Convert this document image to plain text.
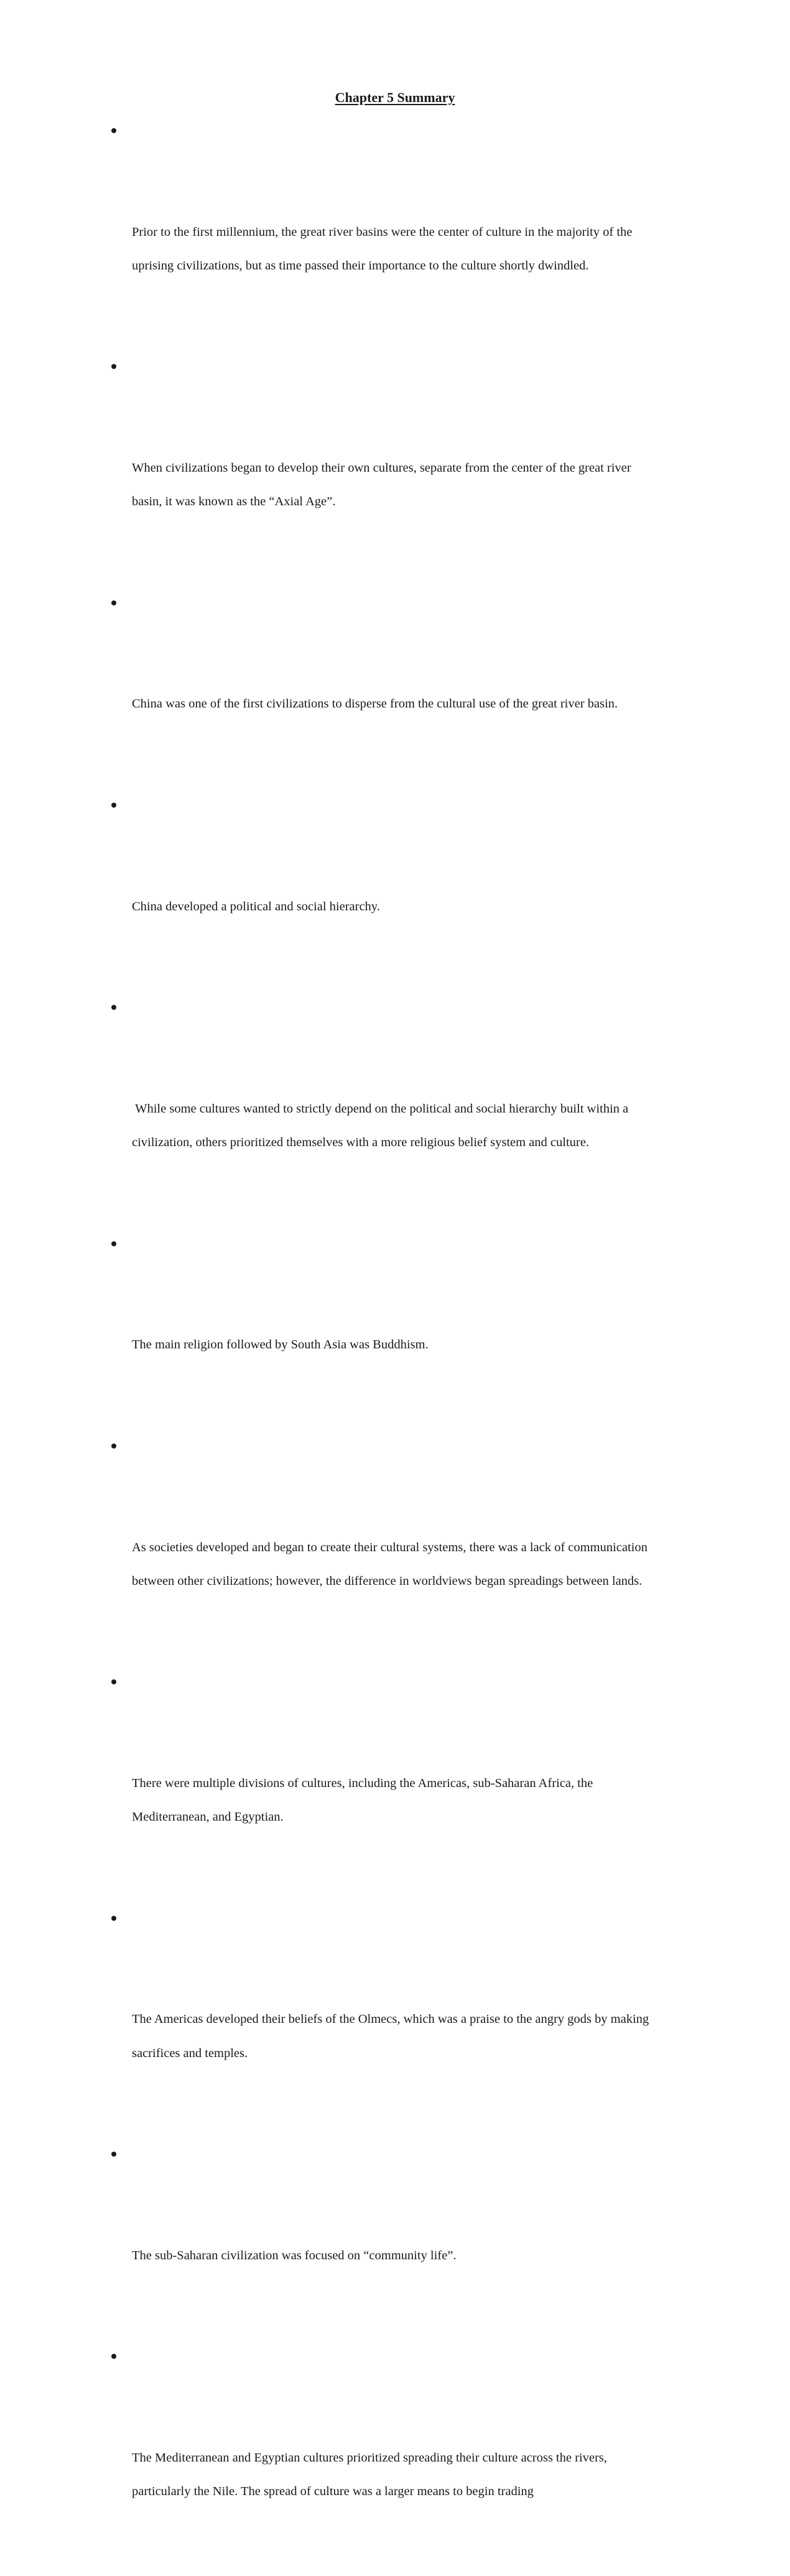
Chapter 5 Summary

Prior to the first millennium, the great river basins were the center of culture in the majority of the uprising civilizations, but as time passed their importance to the culture shortly dwindled.

When civilizations began to develop their own cultures, separate from the center of the great river basin, it was known as the “Axial Age”.

China was one of the first civilizations to disperse from the cultural use of the great river basin.

China developed a political and social hierarchy.

While some cultures wanted to strictly depend on the political and social hierarchy built within a civilization, others prioritized themselves with a more religious belief system and culture.

The main religion followed by South Asia was Buddhism.

As societies developed and began to create their cultural systems, there was a lack of communication between other civilizations; however, the difference in worldviews began spreadings between lands.

There were multiple divisions of cultures, including the Americas, sub-Saharan Africa, the Mediterranean, and Egyptian.

The Americas developed their beliefs of the Olmecs, which was a praise to the angry gods by making sacrifices and temples.

The sub-Saharan civilization was focused on “community life”.

The Mediterranean and Egyptian cultures prioritized spreading their culture across the rivers, particularly the Nile. The spread of culture was a larger means to begin trading
